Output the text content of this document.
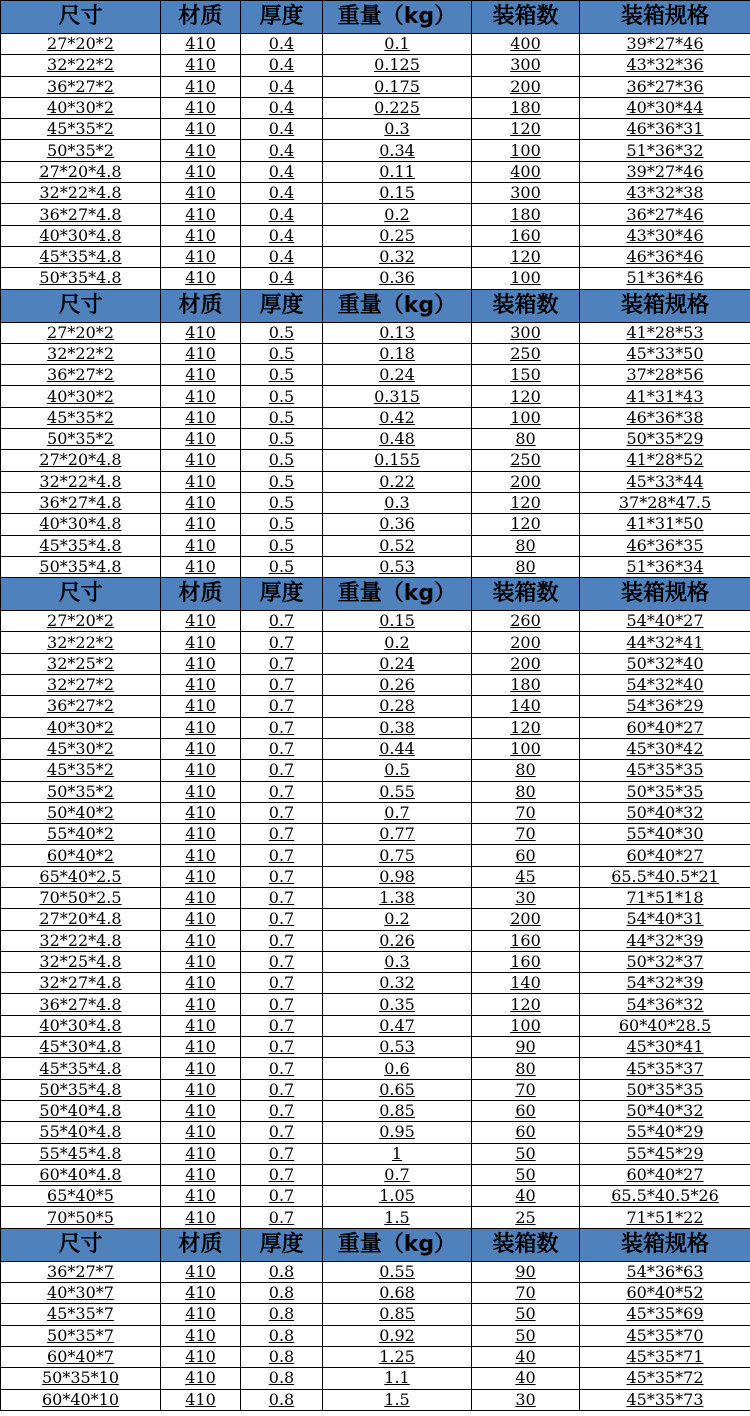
尺寸	材质	厚度	重量（kg）	装箱数	装箱规格
27*20*2	410	0.4	0.1	400	39*27*46
32*22*2	410	0.4	0.125	300	43*32*36
36*27*2	410	0.4	0.175	200	36*27*36
40*30*2	410	0.4	0.225	180	40*30*44
45*35*2	410	0.4	0.3	120	46*36*31
50*35*2	410	0.4	0.34	100	51*36*32
27*20*4.8	410	0.4	0.11	400	39*27*46
32*22*4.8	410	0.4	0.15	300	43*32*38
36*27*4.8	410	0.4	0.2	180	36*27*46
40*30*4.8	410	0.4	0.25	160	43*30*46
45*35*4.8	410	0.4	0.32	120	46*36*46
50*35*4.8	410	0.4	0.36	100	51*36*46
尺寸	材质	厚度	重量（kg）	装箱数	装箱规格
27*20*2	410	0.5	0.13	300	41*28*53
32*22*2	410	0.5	0.18	250	45*33*50
36*27*2	410	0.5	0.24	150	37*28*56
40*30*2	410	0.5	0.315	120	41*31*43
45*35*2	410	0.5	0.42	100	46*36*38
50*35*2	410	0.5	0.48	80	50*35*29
27*20*4.8	410	0.5	0.155	250	41*28*52
32*22*4.8	410	0.5	0.22	200	45*33*44
36*27*4.8	410	0.5	0.3	120	37*28*47.5
40*30*4.8	410	0.5	0.36	120	41*31*50
45*35*4.8	410	0.5	0.52	80	46*36*35
50*35*4.8	410	0.5	0.53	80	51*36*34
尺寸	材质	厚度	重量（kg）	装箱数	装箱规格
27*20*2	410	0.7	0.15	260	54*40*27
32*22*2	410	0.7	0.2	200	44*32*41
32*25*2	410	0.7	0.24	200	50*32*40
32*27*2	410	0.7	0.26	180	54*32*40
36*27*2	410	0.7	0.28	140	54*36*29
40*30*2	410	0.7	0.38	120	60*40*27
45*30*2	410	0.7	0.44	100	45*30*42
45*35*2	410	0.7	0.5	80	45*35*35
50*35*2	410	0.7	0.55	80	50*35*35
50*40*2	410	0.7	0.7	70	50*40*32
55*40*2	410	0.7	0.77	70	55*40*30
60*40*2	410	0.7	0.75	60	60*40*27
65*40*2.5	410	0.7	0.98	45	65.5*40.5*21
70*50*2.5	410	0.7	1.38	30	71*51*18
27*20*4.8	410	0.7	0.2	200	54*40*31
32*22*4.8	410	0.7	0.26	160	44*32*39
32*25*4.8	410	0.7	0.3	160	50*32*37
32*27*4.8	410	0.7	0.32	140	54*32*39
36*27*4.8	410	0.7	0.35	120	54*36*32
40*30*4.8	410	0.7	0.47	100	60*40*28.5
45*30*4.8	410	0.7	0.53	90	45*30*41
45*35*4.8	410	0.7	0.6	80	45*35*37
50*35*4.8	410	0.7	0.65	70	50*35*35
50*40*4.8	410	0.7	0.85	60	50*40*32
55*40*4.8	410	0.7	0.95	60	55*40*29
55*45*4.8	410	0.7	1	50	55*45*29
60*40*4.8	410	0.7	0.7	50	60*40*27
65*40*5	410	0.7	1.05	40	65.5*40.5*26
70*50*5	410	0.7	1.5	25	71*51*22
尺寸	材质	厚度	重量（kg）	装箱数	装箱规格
36*27*7	410	0.8	0.55	90	54*36*63
40*30*7	410	0.8	0.68	70	60*40*52
45*35*7	410	0.8	0.85	50	45*35*69
50*35*7	410	0.8	0.92	50	45*35*70
60*40*7	410	0.8	1.25	40	45*35*71
50*35*10	410	0.8	1.1	40	45*35*72
60*40*10	410	0.8	1.5	30	45*35*73
